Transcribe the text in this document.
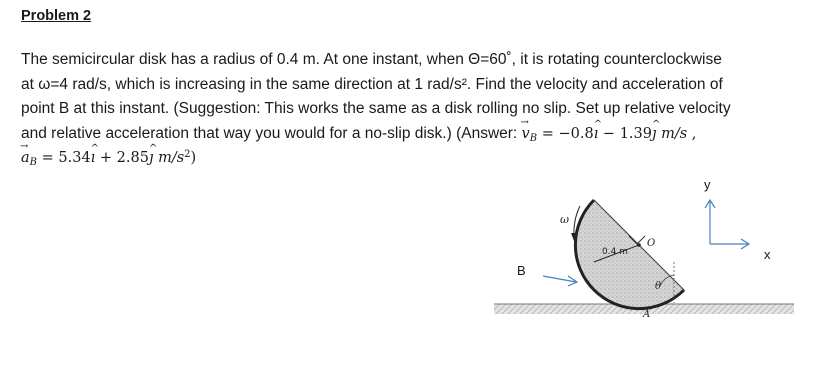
Problem 2
The semicircular disk has a radius of 0.4 m. At one instant, when Θ=60˚, it is rotating counterclockwise
at ω=4 rad/s, which is increasing in the same direction at 1 rad/s². Find the velocity and acceleration of
point B at this instant. (Suggestion: This works the same as a disk rolling no slip. Set up relative velocity
and relative acceleration that way you would for a no-slip disk.) (Answer: → $v_B$ = −0.8^ ı − 1.39^ ȷ m/s ,
→ $a_B$ = 5.34^ ı + 2.85^ ȷ $m/s^2$)
0.4 m
O
ω
θ
A
B
y
x
